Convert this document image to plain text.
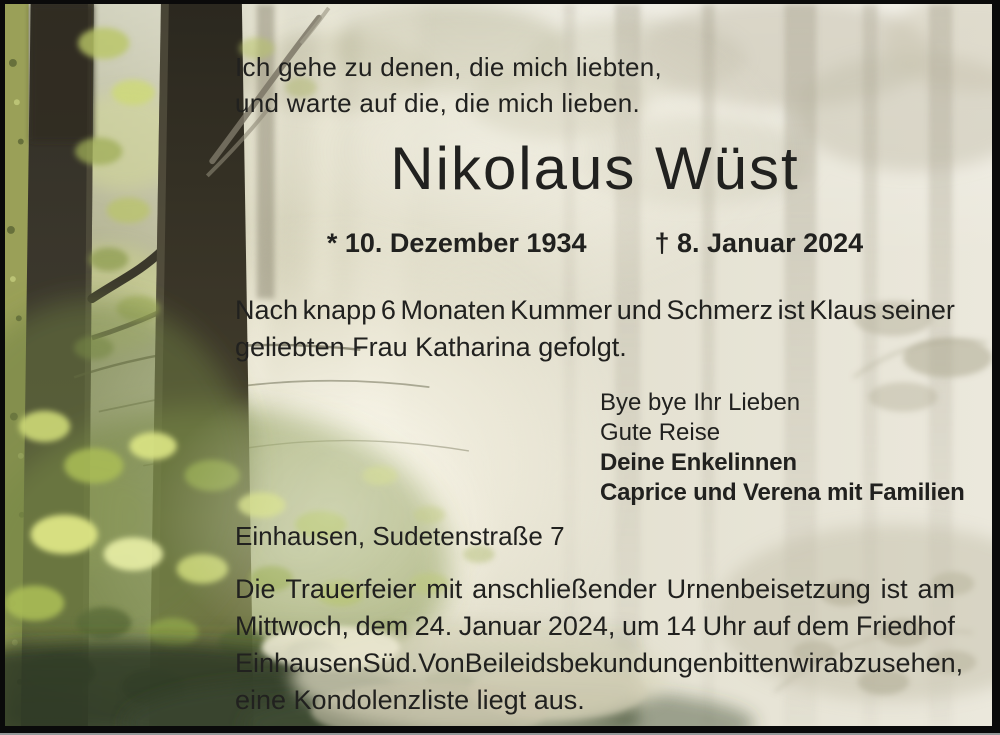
Ich gehe zu denen, die mich liebten,
und warte auf die, die mich lieben.
Nikolaus Wüst
* 10. Dezember 1934	† 8. Januar 2024
Nach knapp 6 Monaten Kummer und Schmerz ist Klaus seiner
geliebten Frau Katharina gefolgt.
Bye bye Ihr Lieben
Gute Reise
Deine Enkelinnen
Caprice und Verena mit Familien
Einhausen, Sudetenstraße 7
Die Trauerfeier mit anschließender Urnenbeisetzung ist am
Mittwoch, dem 24. Januar 2024, um 14 Uhr auf dem Friedhof
Einhausen Süd. Von Beileidsbekundungen bitten wir abzusehen,
eine Kondolenzliste liegt aus.
